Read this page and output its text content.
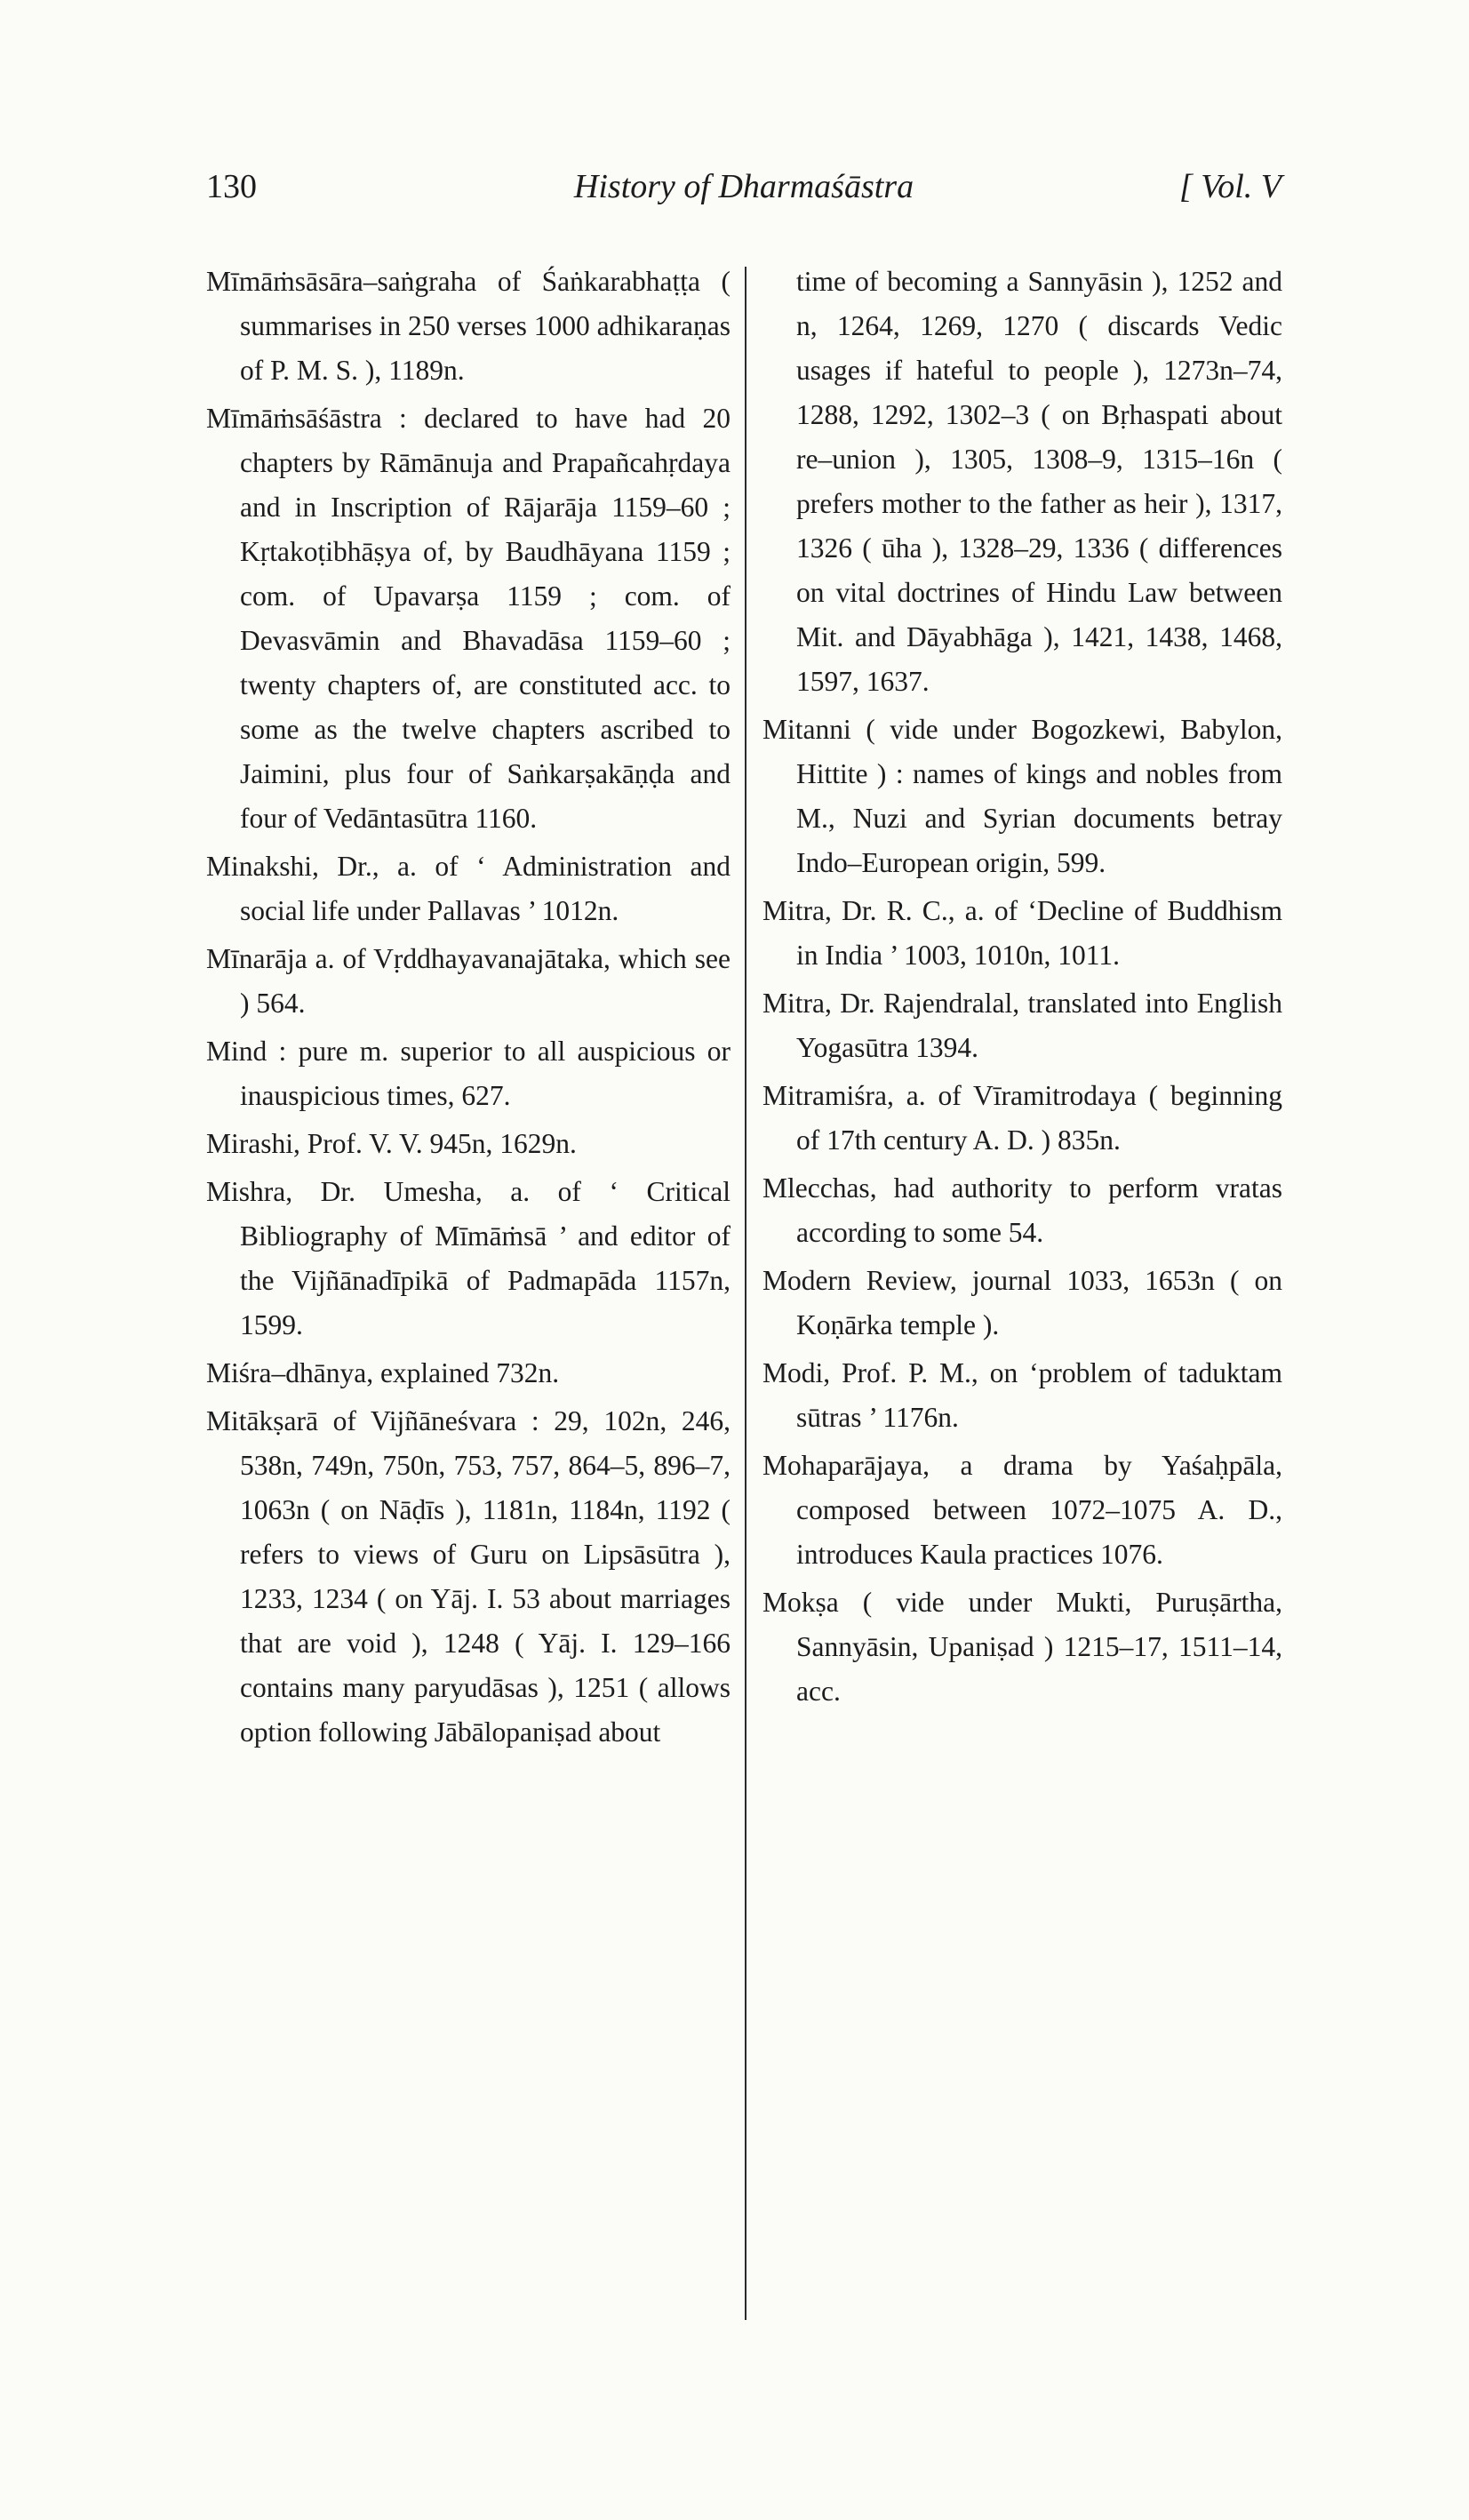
130	History of Dharmaśāstra	[ Vol. V

Mīmāṁsāsāra–saṅgraha of Śaṅkarabhaṭṭa ( summarises in 250 verses 1000 adhikaraṇas of P. M. S. ), 1189n.

Mīmāṁsāśāstra : declared to have had 20 chapters by Rāmānuja and Prapañcahṛdaya and in Inscription of Rājarāja 1159–60 ; Kṛtakoṭibhāṣya of, by Baudhāyana 1159 ; com. of Upavarṣa 1159 ; com. of Devasvāmin and Bhavadāsa 1159–60 ; twenty chapters of, are constituted acc. to some as the twelve chapters ascribed to Jaimini, plus four of Saṅkarṣakāṇḍa and four of Vedāntasūtra 1160.

Minakshi, Dr., a. of ‘ Administration and social life under Pallavas ’ 1012n.

Mīnarāja a. of Vṛddhayavanajātaka, which see ) 564.

Mind : pure m. superior to all auspicious or inauspicious times, 627.

Mirashi, Prof. V. V. 945n, 1629n.

Mishra, Dr. Umesha, a. of ‘ Critical Bibliography of Mīmāṁsā ’ and editor of the Vijñānadīpikā of Padmapāda 1157n, 1599.

Miśra–dhānya, explained 732n.

Mitākṣarā of Vijñāneśvara : 29, 102n, 246, 538n, 749n, 750n, 753, 757, 864–5, 896–7, 1063n ( on Nāḍīs ), 1181n, 1184n, 1192 ( refers to views of Guru on Lipsāsūtra ), 1233, 1234 ( on Yāj. I. 53 about marriages that are void ), 1248 ( Yāj. I. 129–166 contains many paryudāsas ), 1251 ( allows option following Jābālopaniṣad about

time of becoming a Sannyāsin ), 1252 and n, 1264, 1269, 1270 ( discards Vedic usages if hateful to people ), 1273n–74, 1288, 1292, 1302–3 ( on Bṛhaspati about re–union ), 1305, 1308–9, 1315–16n ( prefers mother to the father as heir ), 1317, 1326 ( ūha ), 1328–29, 1336 ( differences on vital doctrines of Hindu Law between Mit. and Dāyabhāga ), 1421, 1438, 1468, 1597, 1637.

Mitanni ( vide under Bogozkewi, Babylon, Hittite ) : names of kings and nobles from M., Nuzi and Syrian documents betray Indo–European origin, 599.

Mitra, Dr. R. C., a. of ‘Decline of Buddhism in India ’ 1003, 1010n, 1011.

Mitra, Dr. Rajendralal, translated into English Yogasūtra 1394.

Mitramiśra, a. of Vīramitrodaya ( beginning of 17th century A. D. ) 835n.

Mlecchas, had authority to perform vratas according to some 54.

Modern Review, journal 1033, 1653n ( on Koṇārka temple ).

Modi, Prof. P. M., on ‘problem of taduktam sūtras ’ 1176n.

Mohaparājaya, a drama by Yaśaḥpāla, composed between 1072–1075 A. D., introduces Kaula practices 1076.

Mokṣa ( vide under Mukti, Puruṣārtha, Sannyāsin, Upaniṣad ) 1215–17, 1511–14, acc.
